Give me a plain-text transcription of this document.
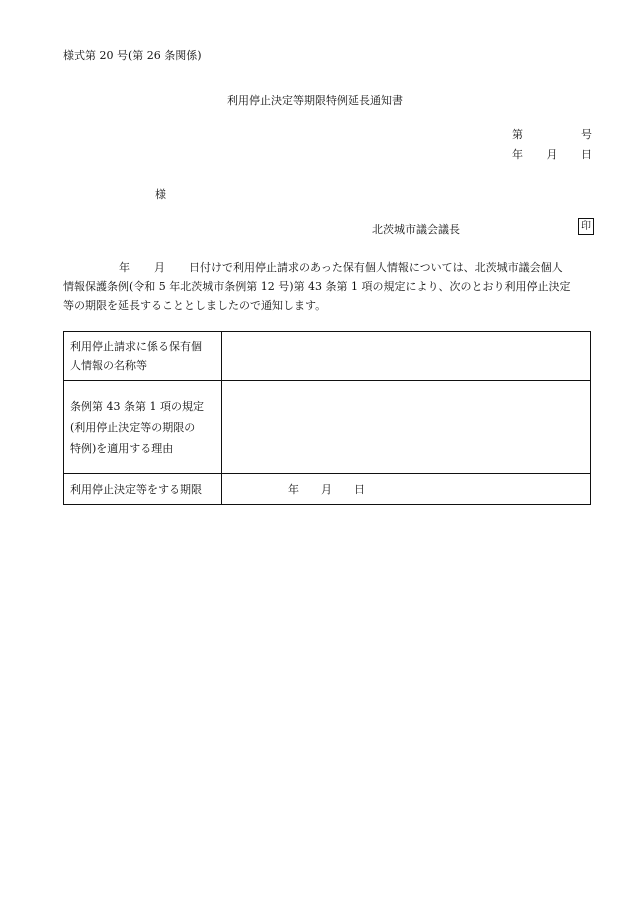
様式第 20 号(第 26 条関係)
利用停止決定等期限特例延長通知書
第	号
年 月 日
様
北茨城市議会議長	印
年 月 日付けで利用停止請求のあった保有個人情報については、北茨城市議会個人
情報保護条例(令和 5 年北茨城市条例第 12 号)第 43 条第 1 項の規定により、次のとおり利用停止決定
等の期限を延長することとしましたので通知します。
利用停止請求に係る保有個
人情報の名称等	

条例第 43 条第 1 項の規定
(利用停止決定等の期限の
特例)を適用する理由	

利用停止決定等をする期限	年 月 日
